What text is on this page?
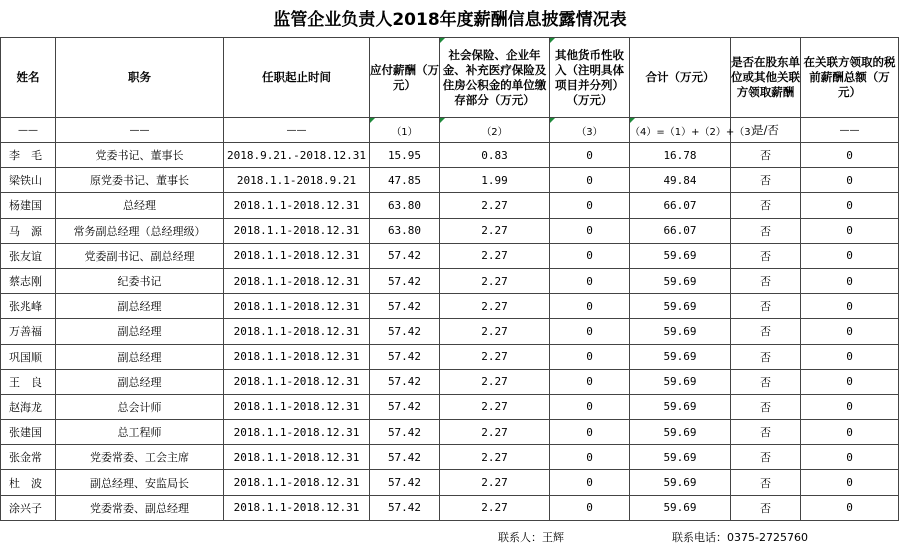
监管企业负责人2018年度薪酬信息披露情况表
姓名	职务	任职起止时间	应付薪酬（万元）	社会保险、企业年金、补充医疗保险及住房公积金的单位缴存部分（万元）	其他货币性收入（注明具体项目并分列）（万元）	合计（万元）	是否在股东单位或其他关联方领取薪酬	在关联方领取的税前薪酬总额（万元）
——	——	——	（1）	（2）	（3）	（4）=（1）+（2）+（3）	是/否	——
李　毛	党委书记、董事长	2018.9.21.-2018.12.31	15.95	0.83	0	16.78	否	0
梁铁山	原党委书记、董事长	2018.1.1-2018.9.21	47.85	1.99	0	49.84	否	0
杨建国	总经理	2018.1.1-2018.12.31	63.80	2.27	0	66.07	否	0
马　源	常务副总经理（总经理级）	2018.1.1-2018.12.31	63.80	2.27	0	66.07	否	0
张友谊	党委副书记、副总经理	2018.1.1-2018.12.31	57.42	2.27	0	59.69	否	0
蔡志刚	纪委书记	2018.1.1-2018.12.31	57.42	2.27	0	59.69	否	0
张兆峰	副总经理	2018.1.1-2018.12.31	57.42	2.27	0	59.69	否	0
万善福	副总经理	2018.1.1-2018.12.31	57.42	2.27	0	59.69	否	0
巩国顺	副总经理	2018.1.1-2018.12.31	57.42	2.27	0	59.69	否	0
王　良	副总经理	2018.1.1-2018.12.31	57.42	2.27	0	59.69	否	0
赵海龙	总会计师	2018.1.1-2018.12.31	57.42	2.27	0	59.69	否	0
张建国	总工程师	2018.1.1-2018.12.31	57.42	2.27	0	59.69	否	0
张金常	党委常委、工会主席	2018.1.1-2018.12.31	57.42	2.27	0	59.69	否	0
杜　波	副总经理、安监局长	2018.1.1-2018.12.31	57.42	2.27	0	59.69	否	0
涂兴子	党委常委、副总经理	2018.1.1-2018.12.31	57.42	2.27	0	59.69	否	0
联系人：王辉	联系电话：0375-2725760
